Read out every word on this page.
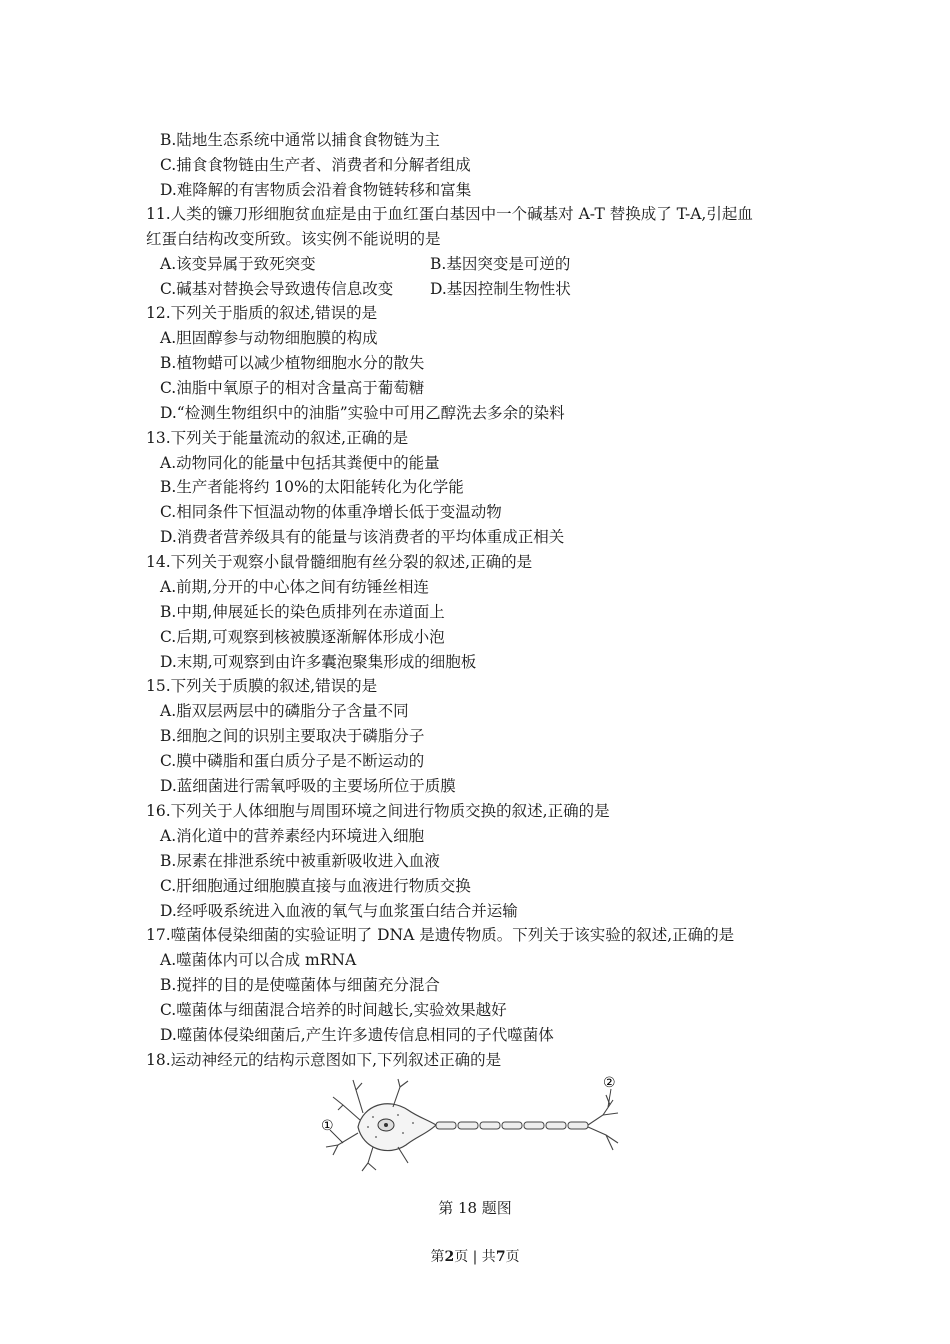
B.陆地生态系统中通常以捕食食物链为主
C.捕食食物链由生产者、消费者和分解者组成
D.难降解的有害物质会沿着食物链转移和富集
11.人类的镰刀形细胞贫血症是由于血红蛋白基因中一个碱基对 A-T 替换成了 T-A,引起血
红蛋白结构改变所致。该实例不能说明的是
A.该变异属于致死突变	B.基因突变是可逆的
C.碱基对替换会导致遗传信息改变 D.基因控制生物性状
12.下列关于脂质的叙述,错误的是
A.胆固醇参与动物细胞膜的构成
B.植物蜡可以减少植物细胞水分的散失
C.油脂中氧原子的相对含量高于葡萄糖
D.“检测生物组织中的油脂”实验中可用乙醇洗去多余的染料
13.下列关于能量流动的叙述,正确的是
A.动物同化的能量中包括其粪便中的能量
B.生产者能将约 10%的太阳能转化为化学能
C.相同条件下恒温动物的体重净增长低于变温动物
D.消费者营养级具有的能量与该消费者的平均体重成正相关
14.下列关于观察小鼠骨髓细胞有丝分裂的叙述,正确的是
A.前期,分开的中心体之间有纺锤丝相连
B.中期,伸展延长的染色质排列在赤道面上
C.后期,可观察到核被膜逐渐解体形成小泡
D.末期,可观察到由许多囊泡聚集形成的细胞板
15.下列关于质膜的叙述,错误的是
A.脂双层两层中的磷脂分子含量不同
B.细胞之间的识别主要取决于磷脂分子
C.膜中磷脂和蛋白质分子是不断运动的
D.蓝细菌进行需氧呼吸的主要场所位于质膜
16.下列关于人体细胞与周围环境之间进行物质交换的叙述,正确的是
A.消化道中的营养素经内环境进入细胞
B.尿素在排泄系统中被重新吸收进入血液
C.肝细胞通过细胞膜直接与血液进行物质交换
D.经呼吸系统进入血液的氧气与血浆蛋白结合并运输
17.噬菌体侵染细菌的实验证明了 DNA 是遗传物质。下列关于该实验的叙述,正确的是
A.噬菌体内可以合成 mRNA
B.搅拌的目的是使噬菌体与细菌充分混合
C.噬菌体与细菌混合培养的时间越长,实验效果越好
D.噬菌体侵染细菌后,产生许多遗传信息相同的子代噬菌体
18.运动神经元的结构示意图如下,下列叙述正确的是
①
②
第 18 题图
第2页 | 共7页
